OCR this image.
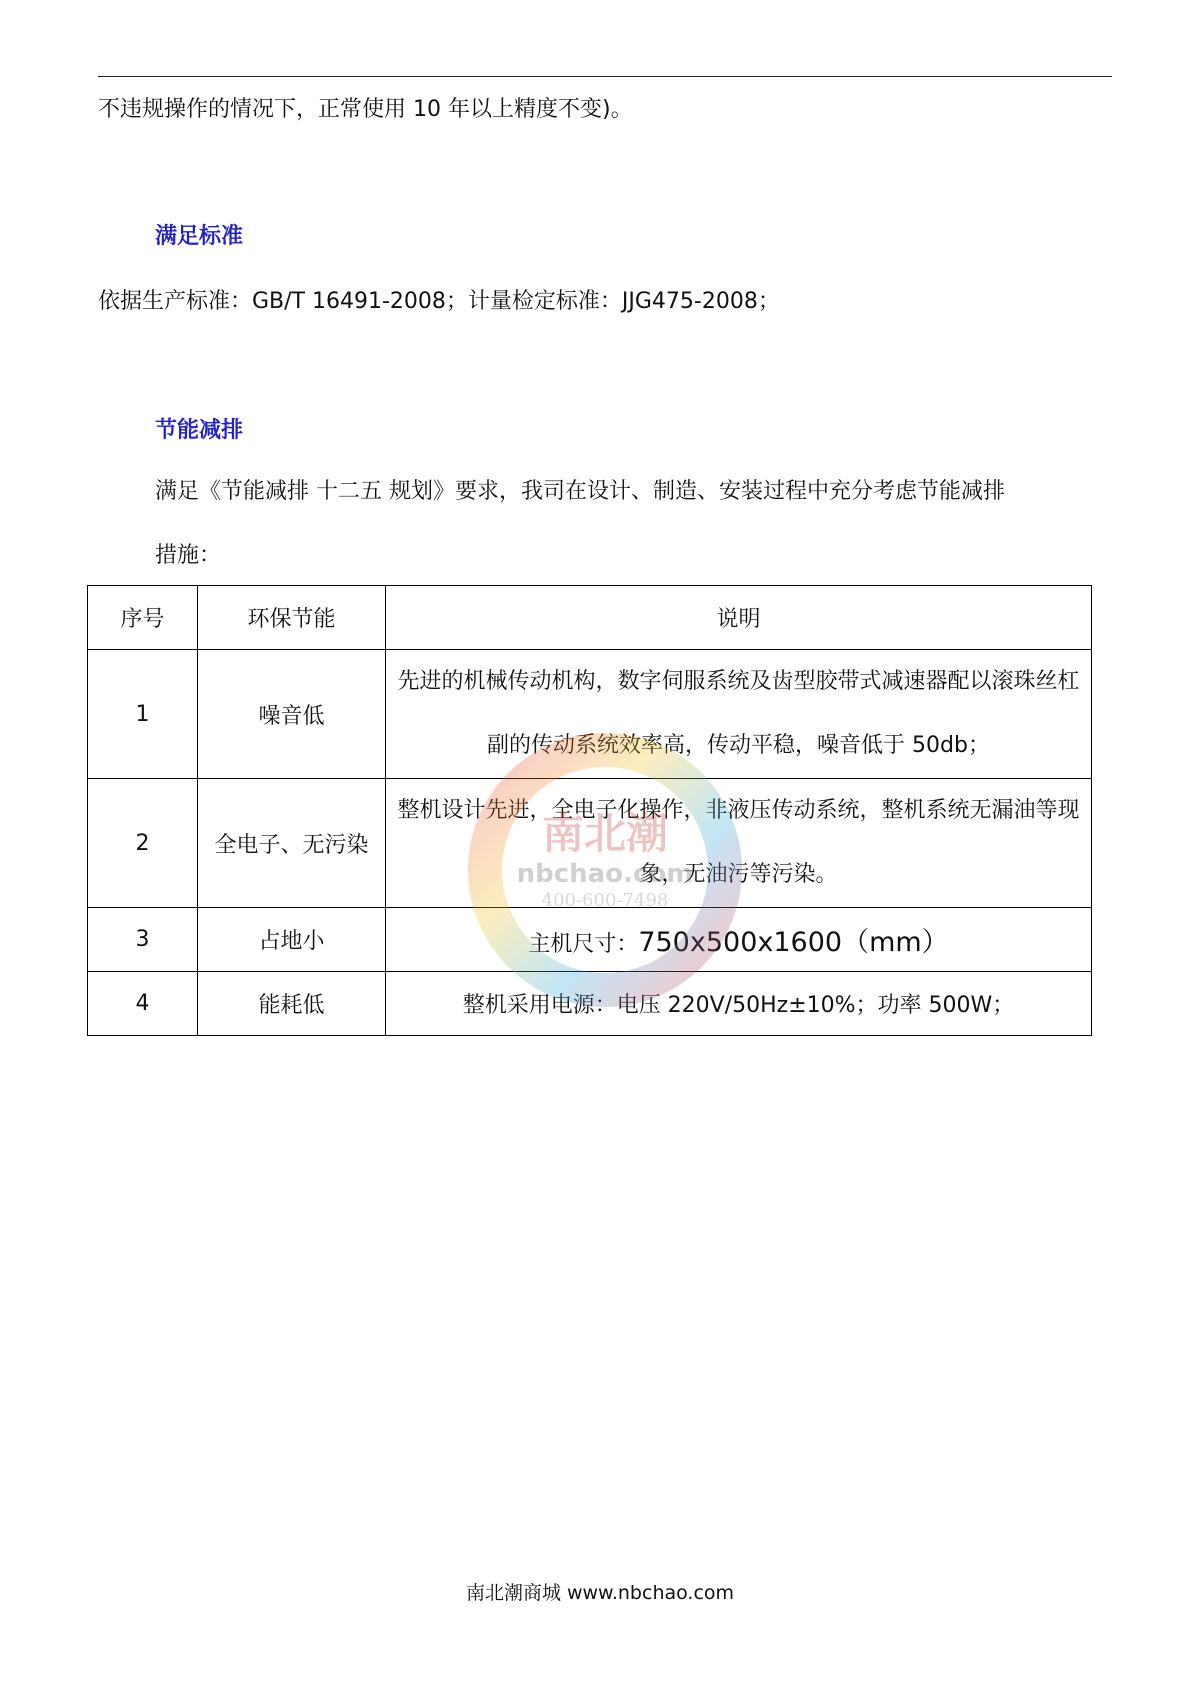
不违规操作的情况下，正常使用 10 年以上精度不变)。
满足标准
依据生产标准：GB/T 16491-2008；计量检定标准：JJG475-2008；
节能减排
满足《节能减排 十二五 规划》要求，我司在设计、制造、安装过程中充分考虑节能减排
措施：
序号	环保节能	说明
1	噪音低	先进的机械传动机构，数字伺服系统及齿型胶带式减速器配以滚珠丝杠副的传动系统效率高，传动平稳，噪音低于 50db；
2	全电子、无污染	整机设计先进，全电子化操作，非液压传动系统，整机系统无漏油等现象，无油污等污染。
3	占地小	主机尺寸：750x500x1600（mm）
4	能耗低	整机采用电源：电压 220V/50Hz±10%；功率 500W；
南北潮
nbchao.com
400-600-7498
南北潮商城 www.nbchao.com
